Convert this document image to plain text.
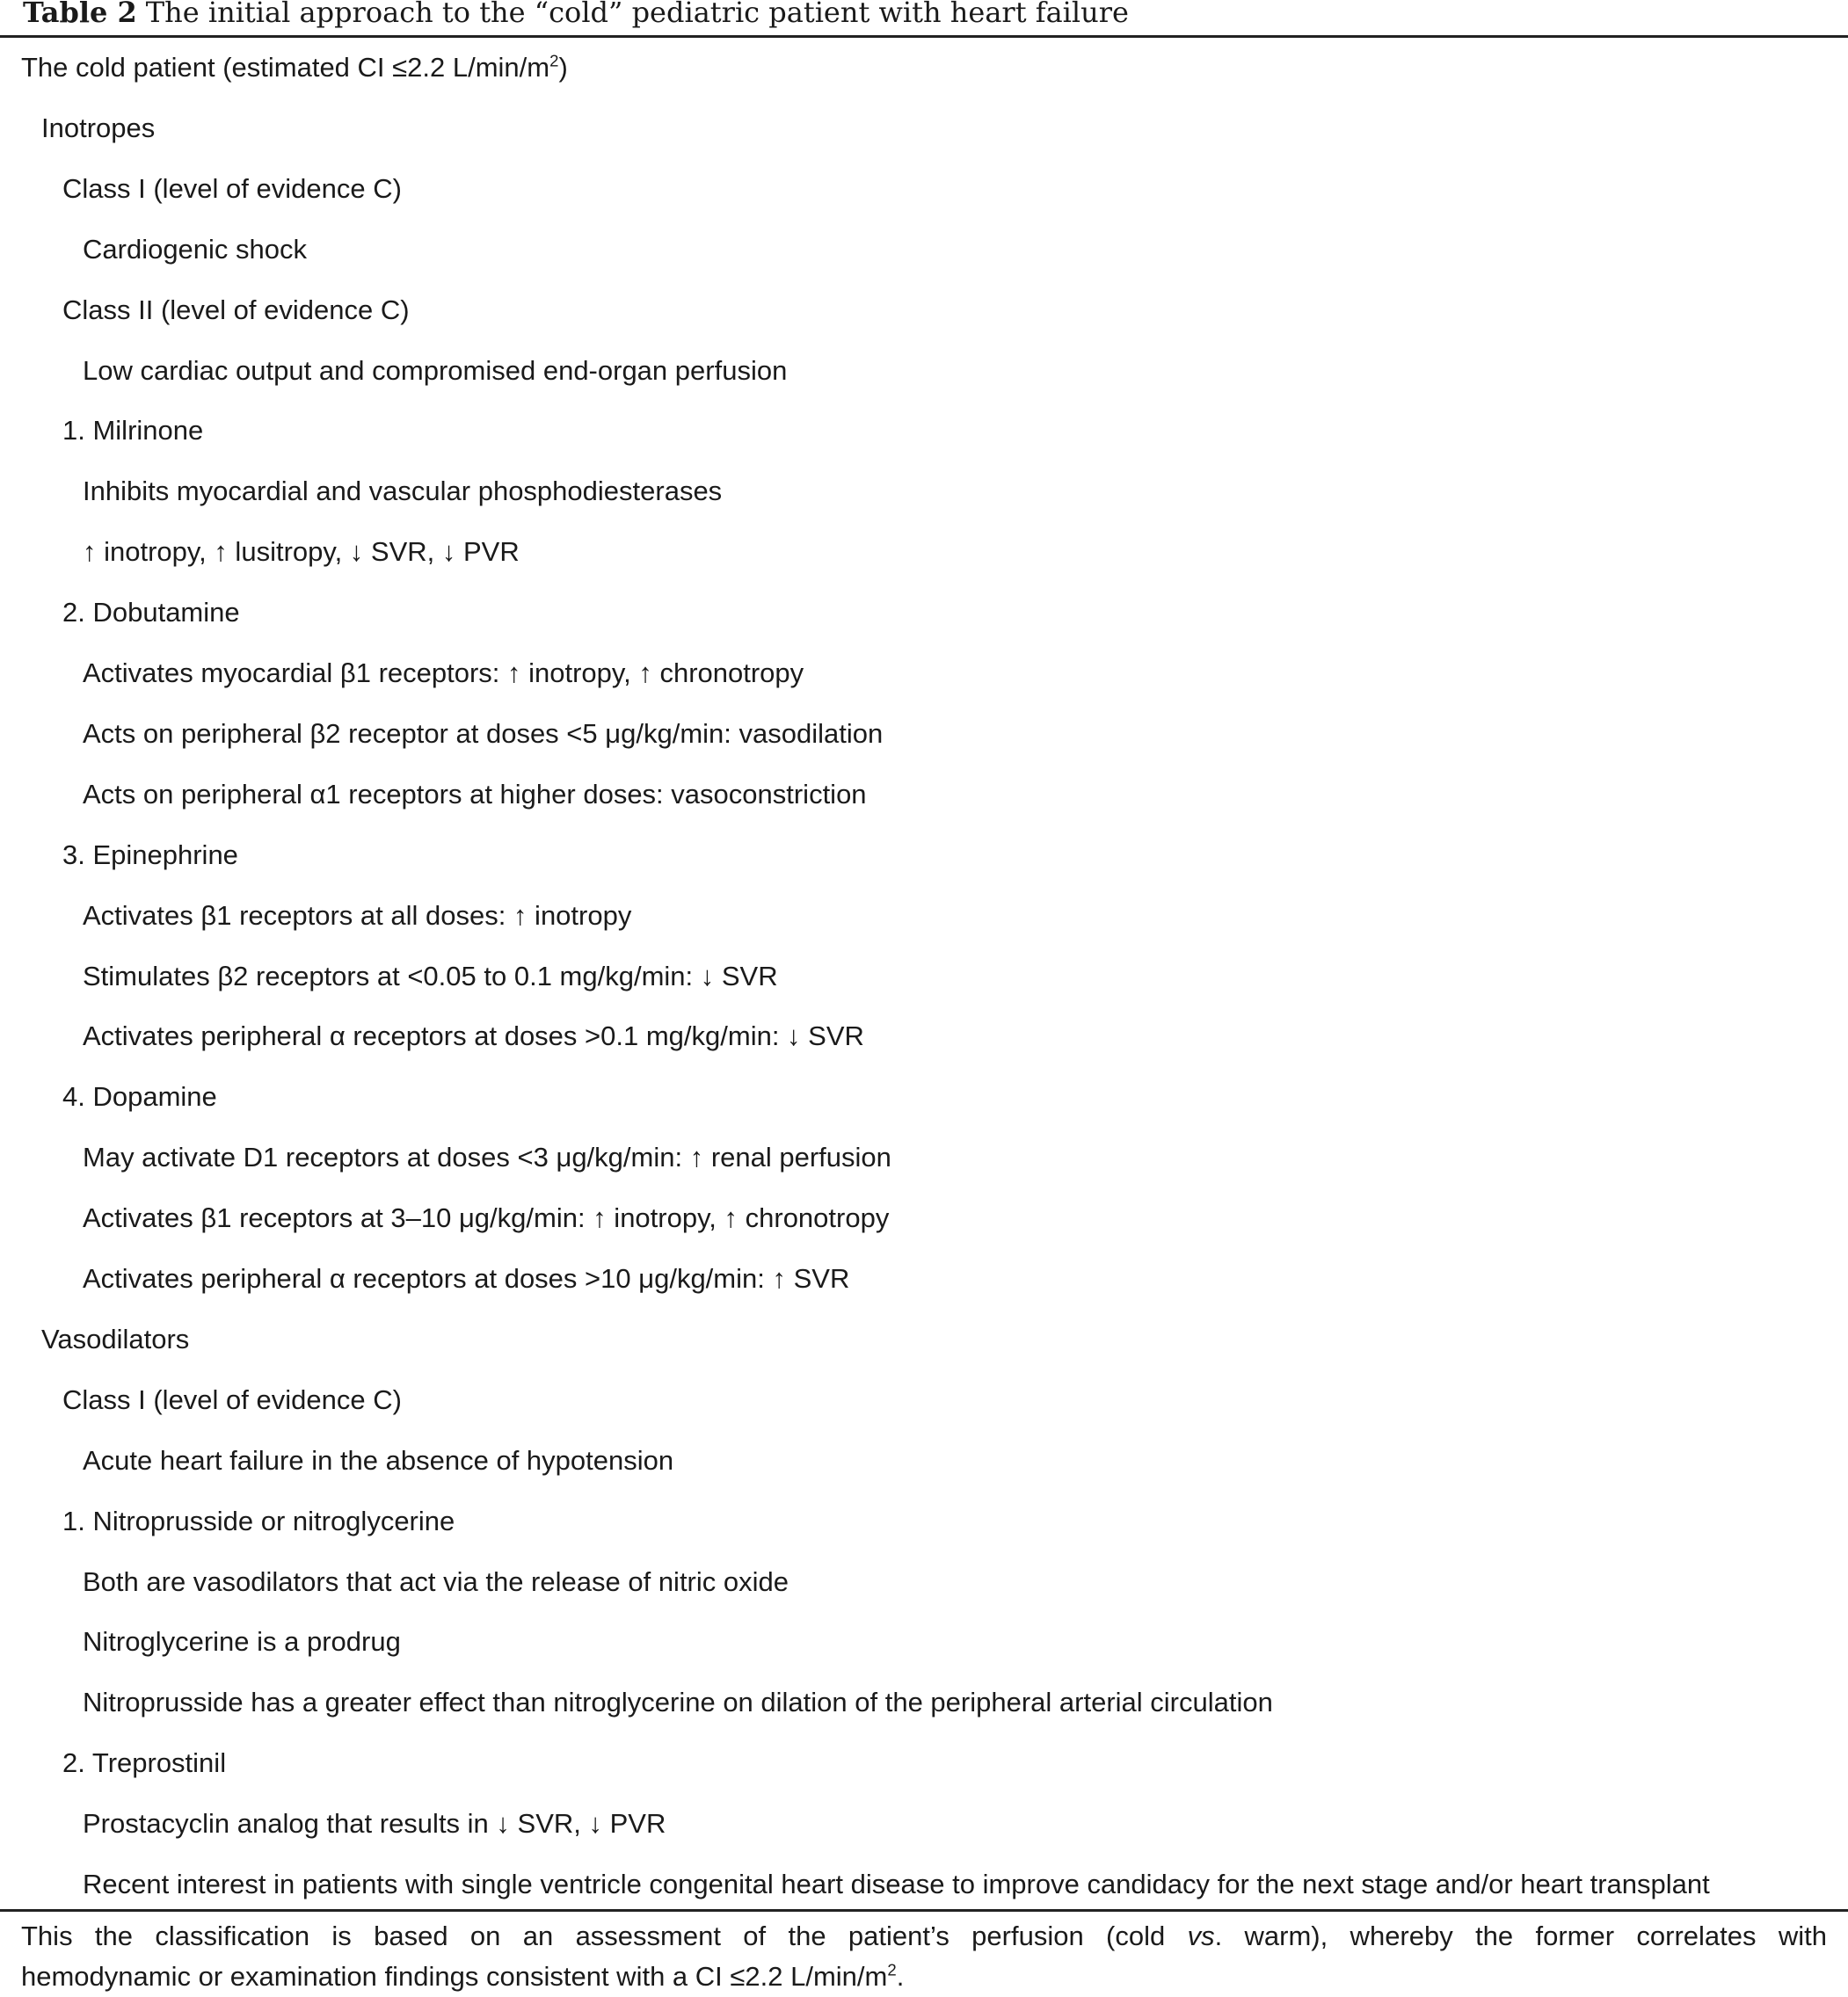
Table 2 The initial approach to the “cold” pediatric patient with heart failure
The cold patient (estimated CI ≤2.2 $L/\min/m^2$)
Inotropes
Class I (level of evidence C)
Cardiogenic shock
Class II (level of evidence C)
Low cardiac output and compromised end-organ perfusion
1. Milrinone
Inhibits myocardial and vascular phosphodiesterases
↑ inotropy, ↑ lusitropy, ↓ SVR, ↓ PVR
2. Dobutamine
Activates myocardial β1 receptors: ↑ inotropy, ↑ chronotropy
Acts on peripheral β2 receptor at doses <5 μg/kg/min: vasodilation
Acts on peripheral α1 receptors at higher doses: vasoconstriction
3. Epinephrine
Activates β1 receptors at all doses: ↑ inotropy
Stimulates β2 receptors at <0.05 to 0.1 mg/kg/min: ↓ SVR
Activates peripheral α receptors at doses >0.1 mg/kg/min: ↓ SVR
4. Dopamine
May activate D1 receptors at doses <3 μg/kg/min: ↑ renal perfusion
Activates β1 receptors at 3–10 μg/kg/min: ↑ inotropy, ↑ chronotropy
Activates peripheral α receptors at doses >10 μg/kg/min: ↑ SVR
Vasodilators
Class I (level of evidence C)
Acute heart failure in the absence of hypotension
1. Nitroprusside or nitroglycerine
Both are vasodilators that act via the release of nitric oxide
Nitroglycerine is a prodrug
Nitroprusside has a greater effect than nitroglycerine on dilation of the peripheral arterial circulation
2. Treprostinil
Prostacyclin analog that results in ↓ SVR, ↓ PVR
Recent interest in patients with single ventricle congenital heart disease to improve candidacy for the next stage and/or heart transplant
This the classification is based on an assessment of the patient’s perfusion (cold vs. warm), whereby the former correlates with
hemodynamic or examination findings consistent with a CI ≤2.2 $L/\min/m^2$.
